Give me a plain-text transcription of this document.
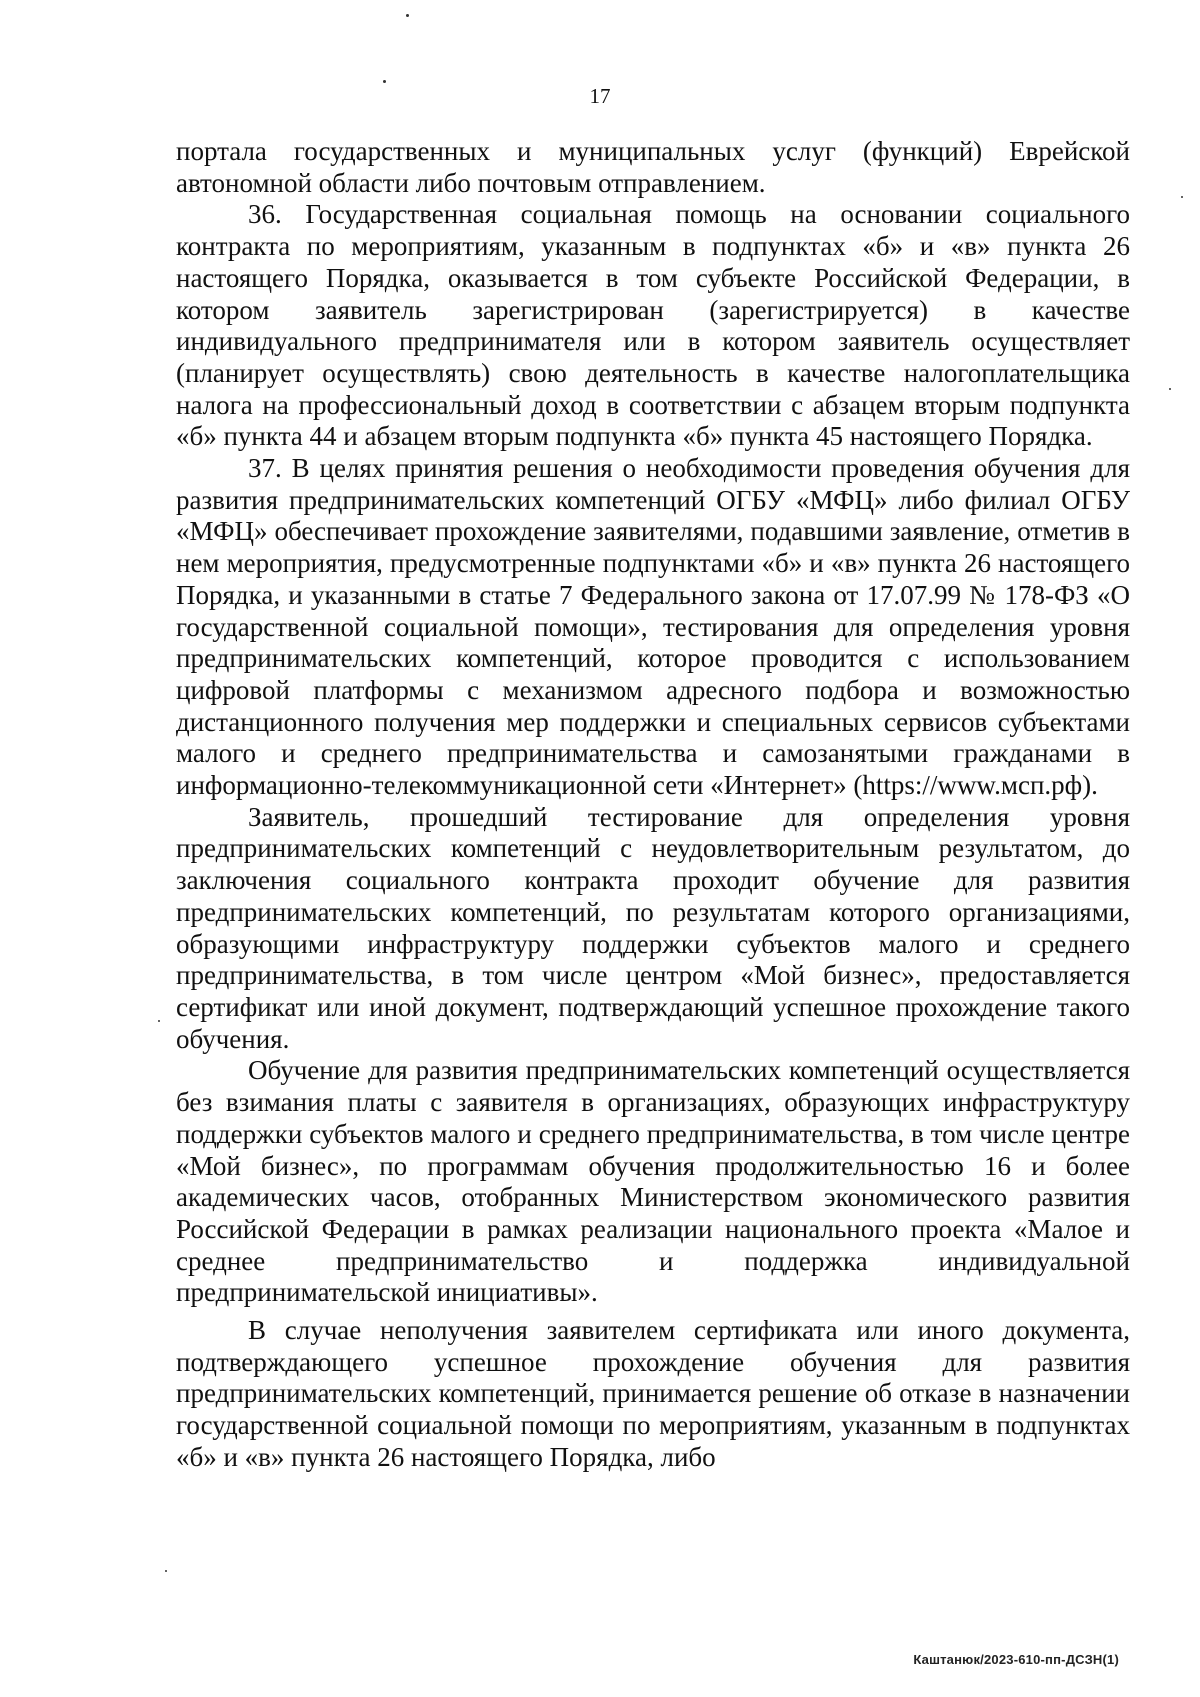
17

портала государственных и муниципальных услуг (функций) Еврейской автономной области либо почтовым отправлением.

36. Государственная социальная помощь на основании социального контракта по мероприятиям, указанным в подпунктах «б» и «в» пункта 26 настоящего Порядка, оказывается в том субъекте Российской Федерации, в котором заявитель зарегистрирован (зарегистрируется) в качестве индивидуального предпринимателя или в котором заявитель осуществляет (планирует осуществлять) свою деятельность в качестве налогоплательщика налога на профессиональный доход в соответствии с абзацем вторым подпункта «б» пункта 44 и абзацем вторым подпункта «б» пункта 45 настоящего Порядка.

37. В целях принятия решения о необходимости проведения обучения для развития предпринимательских компетенций ОГБУ «МФЦ» либо филиал ОГБУ «МФЦ» обеспечивает прохождение заявителями, подавшими заявление, отметив в нем мероприятия, предусмотренные подпунктами «б» и «в» пункта 26 настоящего Порядка, и указанными в статье 7 Федерального закона от 17.07.99 № 178-ФЗ «О государственной социальной помощи», тестирования для определения уровня предпринимательских компетенций, которое проводится с использованием цифровой платформы с механизмом адресного подбора и возможностью дистанционного получения мер поддержки и специальных сервисов субъектами малого и среднего предпринимательства и самозанятыми гражданами в информационно-телекоммуникационной сети «Интернет» (https://www.мсп.рф).

Заявитель, прошедший тестирование для определения уровня предпринимательских компетенций с неудовлетворительным результатом, до заключения социального контракта проходит обучение для развития предпринимательских компетенций, по результатам которого организациями, образующими инфраструктуру поддержки субъектов малого и среднего предпринимательства, в том числе центром «Мой бизнес», предоставляется сертификат или иной документ, подтверждающий успешное прохождение такого обучения.

Обучение для развития предпринимательских компетенций осуществляется без взимания платы с заявителя в организациях, образующих инфраструктуру поддержки субъектов малого и среднего предпринимательства, в том числе центре «Мой бизнес», по программам обучения продолжительностью 16 и более академических часов, отобранных Министерством экономического развития Российской Федерации в рамках реализации национального проекта «Малое и среднее предпринимательство и поддержка индивидуальной предпринимательской инициативы».

В случае неполучения заявителем сертификата или иного документа, подтверждающего успешное прохождение обучения для развития предпринимательских компетенций, принимается решение об отказе в назначении государственной социальной помощи по мероприятиям, указанным в подпунктах «б» и «в» пункта 26 настоящего Порядка, либо

Каштанюк/2023-610-пп-ДСЗН(1)
